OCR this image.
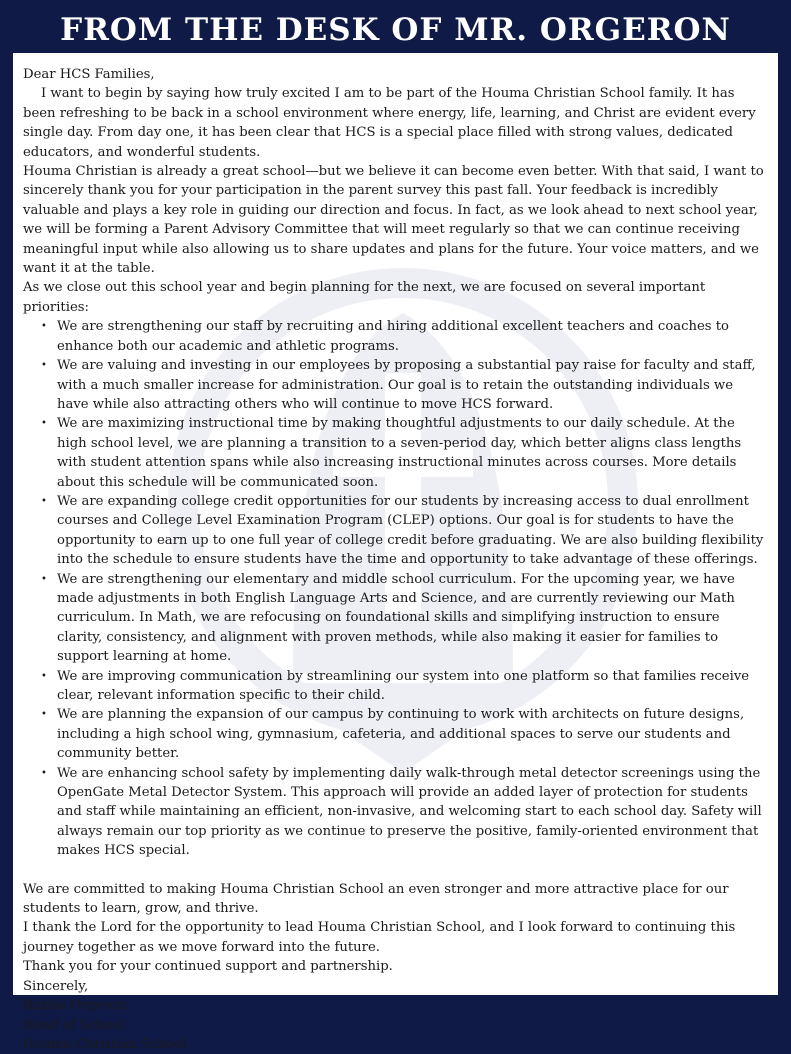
FROM THE DESK OF MR. ORGERON

Dear HCS Families,

I want to begin by saying how truly excited I am to be part of the Houma Christian School family. It has been refreshing to be back in a school environment where energy, life, learning, and Christ are evident every single day. From day one, it has been clear that HCS is a special place filled with strong values, dedicated educators, and wonderful students.

Houma Christian is already a great school—but we believe it can become even better. With that said, I want to sincerely thank you for your participation in the parent survey this past fall. Your feedback is incredibly valuable and plays a key role in guiding our direction and focus. In fact, as we look ahead to next school year, we will be forming a Parent Advisory Committee that will meet regularly so that we can continue receiving meaningful input while also allowing us to share updates and plans for the future. Your voice matters, and we want it at the table.

As we close out this school year and begin planning for the next, we are focused on several important priorities:

• We are strengthening our staff by recruiting and hiring additional excellent teachers and coaches to enhance both our academic and athletic programs.
• We are valuing and investing in our employees by proposing a substantial pay raise for faculty and staff, with a much smaller increase for administration. Our goal is to retain the outstanding individuals we have while also attracting others who will continue to move HCS forward.
• We are maximizing instructional time by making thoughtful adjustments to our daily schedule. At the high school level, we are planning a transition to a seven-period day, which better aligns class lengths with student attention spans while also increasing instructional minutes across courses. More details about this schedule will be communicated soon.
• We are expanding college credit opportunities for our students by increasing access to dual enrollment courses and College Level Examination Program (CLEP) options. Our goal is for students to have the opportunity to earn up to one full year of college credit before graduating. We are also building flexibility into the schedule to ensure students have the time and opportunity to take advantage of these offerings.
• We are strengthening our elementary and middle school curriculum. For the upcoming year, we have made adjustments in both English Language Arts and Science, and are currently reviewing our Math curriculum. In Math, we are refocusing on foundational skills and simplifying instruction to ensure clarity, consistency, and alignment with proven methods, while also making it easier for families to support learning at home.
• We are improving communication by streamlining our system into one platform so that families receive clear, relevant information specific to their child.
• We are planning the expansion of our campus by continuing to work with architects on future designs, including a high school wing, gymnasium, cafeteria, and additional spaces to serve our students and community better.
• We are enhancing school safety by implementing daily walk-through metal detector screenings using the OpenGate Metal Detector System. This approach will provide an added layer of protection for students and staff while maintaining an efficient, non-invasive, and welcoming start to each school day. Safety will always remain our top priority as we continue to preserve the positive, family-oriented environment that makes HCS special.

We are committed to making Houma Christian School an even stronger and more attractive place for our students to learn, grow, and thrive.

I thank the Lord for the opportunity to lead Houma Christian School, and I look forward to continuing this journey together as we move forward into the future.

Thank you for your continued support and partnership.

Sincerely,

Bubba Orgeron

Head of School

Houma Christian School
